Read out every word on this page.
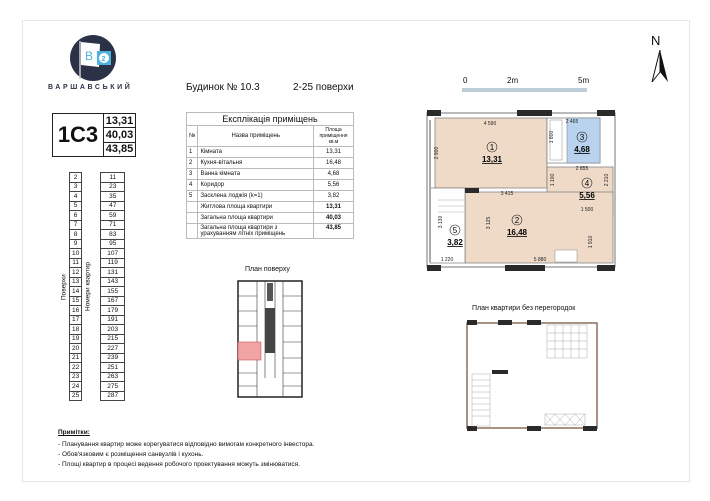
B 2
ВАРШАВСЬКИЙ	Будинок № 10.3	2-25 поверхи
1С3
13,31
40,03
43,85
Експлікація приміщень		
№	Назва приміщень	Площа приміщення кв.м
1	Кімната	13,31
2	Кухня-вітальня	16,48
3	Ванна кімната	4,68
4	Коридор	5,56
5	Засклена лоджія (k=1)	3,82
	Житлова площа квартири	13,31
	Загальна площа квартири	40,03
	Загальна площа квартири з урахуванням літніх приміщень	43,85
Поверхи	2	Номери квартир	11
	3		23
	4		35
	5		47
	6		59
	7		71
	8		83
	9		95
	10		107
	11		119
	12		131
	13		143
	14		155
	15		167
	16		179
	17		191
	18		203
	19		215
	20		227
	21		239
	22		251
	23		263
	24		275
	25		287
План поверху
0	2m	5m
N
4 590	2 465
1 800
2 900
1 100
2 855
2 210
3 415
3 130	3 125
1 500
1 910
1 220	5 880
1
13,31
2
16,48
3
4,68
4
5,56
5
3,82
План квартири без перегородок
Примітки:
- Планування квартир може корегуватися відповідно вимогам конкретного інвестора.
- Обов'язковим є розміщення санвузлів і кухонь.
- Площі квартир в процесі ведення робочого проектування можуть змінюватися.
